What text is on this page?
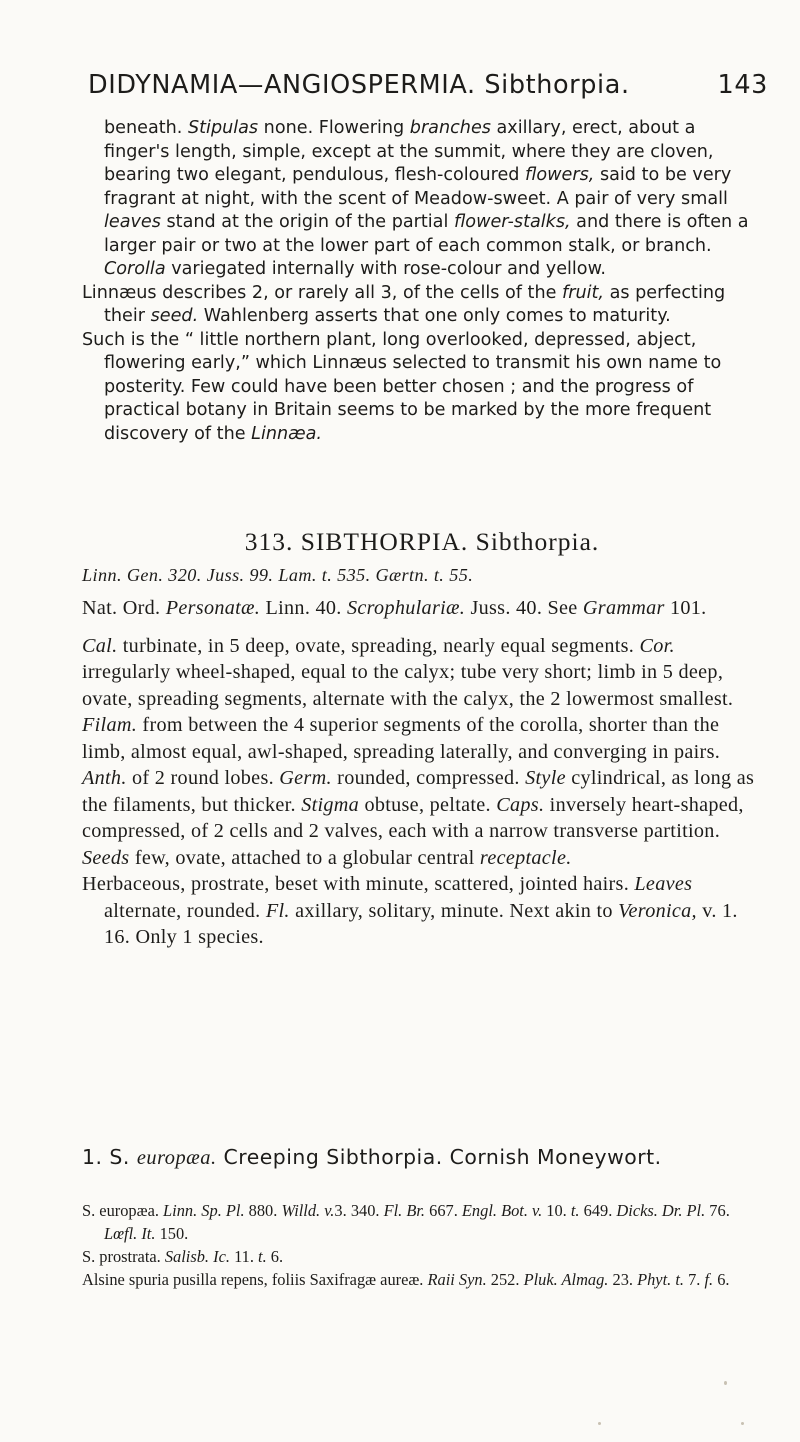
DIDYNAMIA—ANGIOSPERMIA. Sibthorpia.	143

beneath. Stipulas none. Flowering branches axillary, erect, about a finger's length, simple, except at the summit, where they are cloven, bearing two elegant, pendulous, flesh-coloured flowers, said to be very fragrant at night, with the scent of Meadow-sweet. A pair of very small leaves stand at the origin of the partial flower-stalks, and there is often a larger pair or two at the lower part of each common stalk, or branch. Corolla variegated internally with rose-colour and yellow.

Linnæus describes 2, or rarely all 3, of the cells of the fruit, as perfecting their seed. Wahlenberg asserts that one only comes to maturity.

Such is the “ little northern plant, long overlooked, depressed, abject, flowering early,” which Linnæus selected to transmit his own name to posterity. Few could have been better chosen ; and the progress of practical botany in Britain seems to be marked by the more frequent discovery of the Linnæa.

313. SIBTHORPIA. Sibthorpia.
Linn. Gen. 320. Juss. 99. Lam. t. 535. Gærtn. t. 55.

Nat. Ord. Personatæ. Linn. 40. Scrophulariæ. Juss. 40. See Grammar 101.

Cal. turbinate, in 5 deep, ovate, spreading, nearly equal segments. Cor. irregularly wheel-shaped, equal to the calyx; tube very short; limb in 5 deep, ovate, spreading segments, alternate with the calyx, the 2 lowermost smallest. Filam. from between the 4 superior segments of the corolla, shorter than the limb, almost equal, awl-shaped, spreading laterally, and converging in pairs. Anth. of 2 round lobes. Germ. rounded, compressed. Style cylindrical, as long as the filaments, but thicker. Stigma obtuse, peltate. Caps. inversely heart-shaped, compressed, of 2 cells and 2 valves, each with a narrow transverse partition. Seeds few, ovate, attached to a globular central receptacle.

Herbaceous, prostrate, beset with minute, scattered, jointed hairs. Leaves alternate, rounded. Fl. axillary, solitary, minute. Next akin to Veronica, v. 1. 16. Only 1 species.

1. S. europæa. Creeping Sibthorpia. Cornish Moneywort.

S. europæa. Linn. Sp. Pl. 880. Willd. v.3. 340. Fl. Br. 667. Engl. Bot. v. 10. t. 649. Dicks. Dr. Pl. 76. Lœfl. It. 150.

S. prostrata. Salisb. Ic. 11. t. 6.

Alsine spuria pusilla repens, foliis Saxifragæ aureæ. Raii Syn. 252. Pluk. Almag. 23. Phyt. t. 7. f. 6.
